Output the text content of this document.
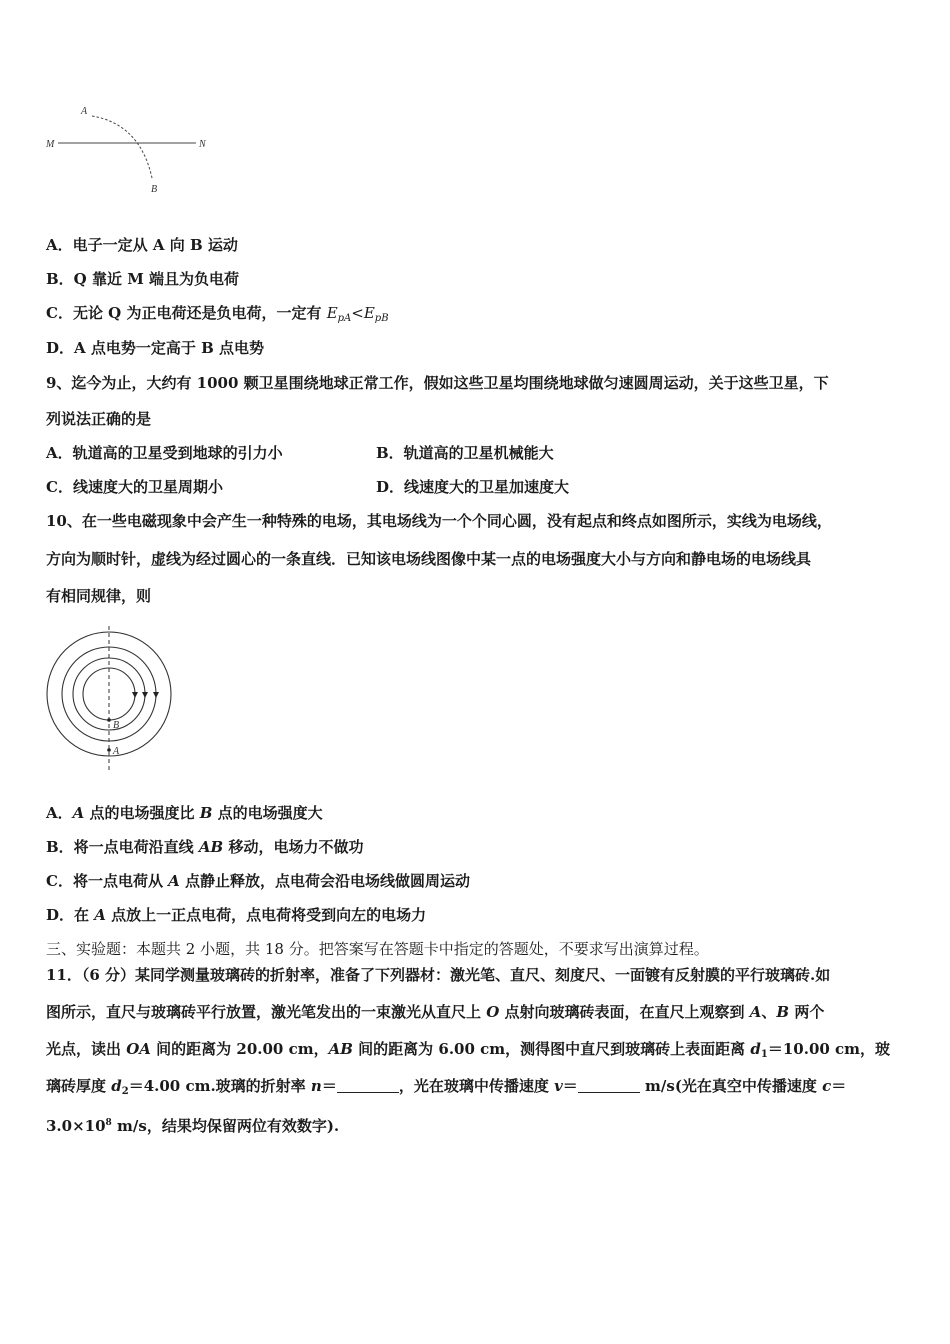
A
M	N
B
A．电子一定从 A 向 B 运动
B．Q 靠近 M 端且为负电荷
C．无论 Q 为正电荷还是负电荷，一定有 $E_{pA}<E_{pB}$
D．A 点电势一定高于 B 点电势
9、迄今为止，大约有 1000 颗卫星围绕地球正常工作，假如这些卫星均围绕地球做匀速圆周运动，关于这些卫星，下
列说法正确的是
A．轨道高的卫星受到地球的引力小	B．轨道高的卫星机械能大
C．线速度大的卫星周期小	D．线速度大的卫星加速度大
10、在一些电磁现象中会产生一种特殊的电场，其电场线为一个个同心圆，没有起点和终点如图所示，实线为电场线，
方向为顺时针，虚线为经过圆心的一条直线．已知该电场线图像中某一点的电场强度大小与方向和静电场的电场线具
有相同规律，则
B
A
A．A 点的电场强度比 B 点的电场强度大
B．将一点电荷沿直线 AB 移动，电场力不做功
C．将一点电荷从 A 点静止释放，点电荷会沿电场线做圆周运动
D．在 A 点放上一正点电荷，点电荷将受到向左的电场力
三、实验题：本题共 2 小题，共 18 分。把答案写在答题卡中指定的答题处，不要求写出演算过程。
11．（6 分）某同学测量玻璃砖的折射率，准备了下列器材：激光笔、直尺、刻度尺、一面镀有反射膜的平行玻璃砖.如
图所示，直尺与玻璃砖平行放置，激光笔发出的一束激光从直尺上 O 点射向玻璃砖表面，在直尺上观察到 A、B 两个
光点，读出 OA 间的距离为 20.00 cm，AB 间的距离为 6.00 cm，测得图中直尺到玻璃砖上表面距离 $d_1=10.00$ cm，玻
璃砖厚度 $d_2=4.00$ cm.玻璃的折射率 n＝	，光在玻璃中传播速度 v＝	m/s(光在真空中传播速度 c＝
$3.0\times 10^8$ m/s，结果均保留两位有效数字).
